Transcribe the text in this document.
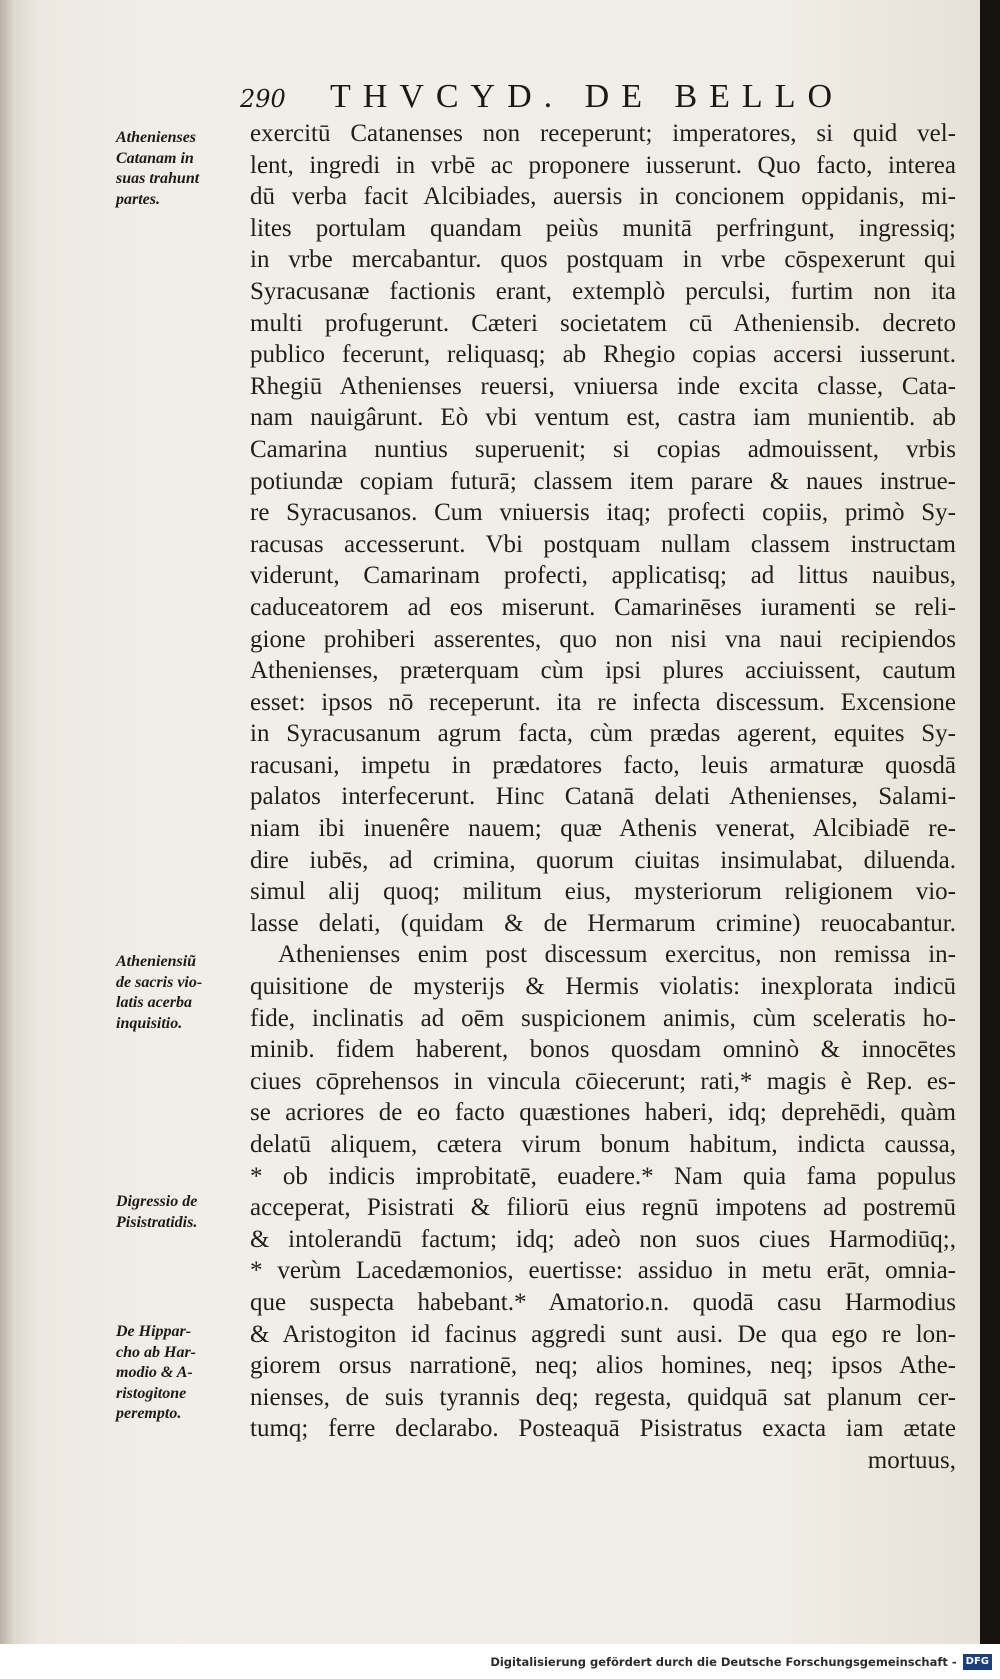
290	THVCYD. DE BELLO
Athenienses
Catanam in
suas trahunt
partes.
Atheniensiũ
de sacris vio-
latis acerba
inquisitio.
Digressio de
Pisistratidis.
De Hippar-
cho ab Har-
modio & A-
ristogitone
perempto.
exercitū Catanenses non receperunt; imperatores, si quid vel-
lent, ingredi in vrbē ac proponere iusserunt. Quo facto, interea
dū verba facit Alcibiades, auersis in concionem oppidanis, mi-
lites portulam quandam peiùs munitā perfringunt, ingressiq;
in vrbe mercabantur. quos postquam in vrbe cōspexerunt qui
Syracusanæ factionis erant, extemplò perculsi, furtim non ita
multi profugerunt. Cæteri societatem cū Atheniensib. decreto
publico fecerunt, reliquasq; ab Rhegio copias accersi iusserunt.
Rhegiū Athenienses reuersi, vniuersa inde excita classe, Cata-
nam nauigârunt. Eò vbi ventum est, castra iam munientib. ab
Camarina nuntius superuenit; si copias admouissent, vrbis
potiundæ copiam futurā; classem item parare & naues instrue-
re Syracusanos. Cum vniuersis itaq; profecti copiis, primò Sy-
racusas accesserunt. Vbi postquam nullam classem instructam
viderunt, Camarinam profecti, applicatisq; ad littus nauibus,
caduceatorem ad eos miserunt. Camarinēses iuramenti se reli-
gione prohiberi asserentes, quo non nisi vna naui recipiendos
Athenienses, præterquam cùm ipsi plures acciuissent, cautum
esset: ipsos nō receperunt. ita re infecta discessum. Excensione
in Syracusanum agrum facta, cùm prædas agerent, equites Sy-
racusani, impetu in prædatores facto, leuis armaturæ quosdā
palatos interfecerunt. Hinc Catanā delati Athenienses, Salami-
niam ibi inuenêre nauem; quæ Athenis venerat, Alcibiadē re-
dire iubēs, ad crimina, quorum ciuitas insimulabat, diluenda.
simul alij quoq; militum eius, mysteriorum religionem vio-
lasse delati, (quidam & de Hermarum crimine) reuocabantur.
Athenienses enim post discessum exercitus, non remissa in-
quisitione de mysterijs & Hermis violatis: inexplorata indicū
fide, inclinatis ad oēm suspicionem animis, cùm sceleratis ho-
minib. fidem haberent, bonos quosdam omninò & innocētes
ciues cōprehensos in vincula cōiecerunt; rati,* magis è Rep. es-
se acriores de eo facto quæstiones haberi, idq; deprehēdi, quàm
delatū aliquem, cætera virum bonum habitum, indicta caussa,
* ob indicis improbitatē, euadere.* Nam quia fama populus
acceperat, Pisistrati & filiorū eius regnū impotens ad postremū
& intolerandū factum; idq; adeò non suos ciues Harmodiūq;,
* verùm Lacedæmonios, euertisse: assiduo in metu erāt, omnia-
que suspecta habebant.* Amatorio.n. quodā casu Harmodius
& Aristogiton id facinus aggredi sunt ausi. De qua ego re lon-
giorem orsus narrationē, neq; alios homines, neq; ipsos Athe-
nienses, de suis tyrannis deq; regesta, quidquā sat planum cer-
tumq; ferre declarabo. Posteaquā Pisistratus exacta iam ætate
mortuus,
Digitalisierung gefördert durch die Deutsche Forschungsgemeinschaft - DFG
